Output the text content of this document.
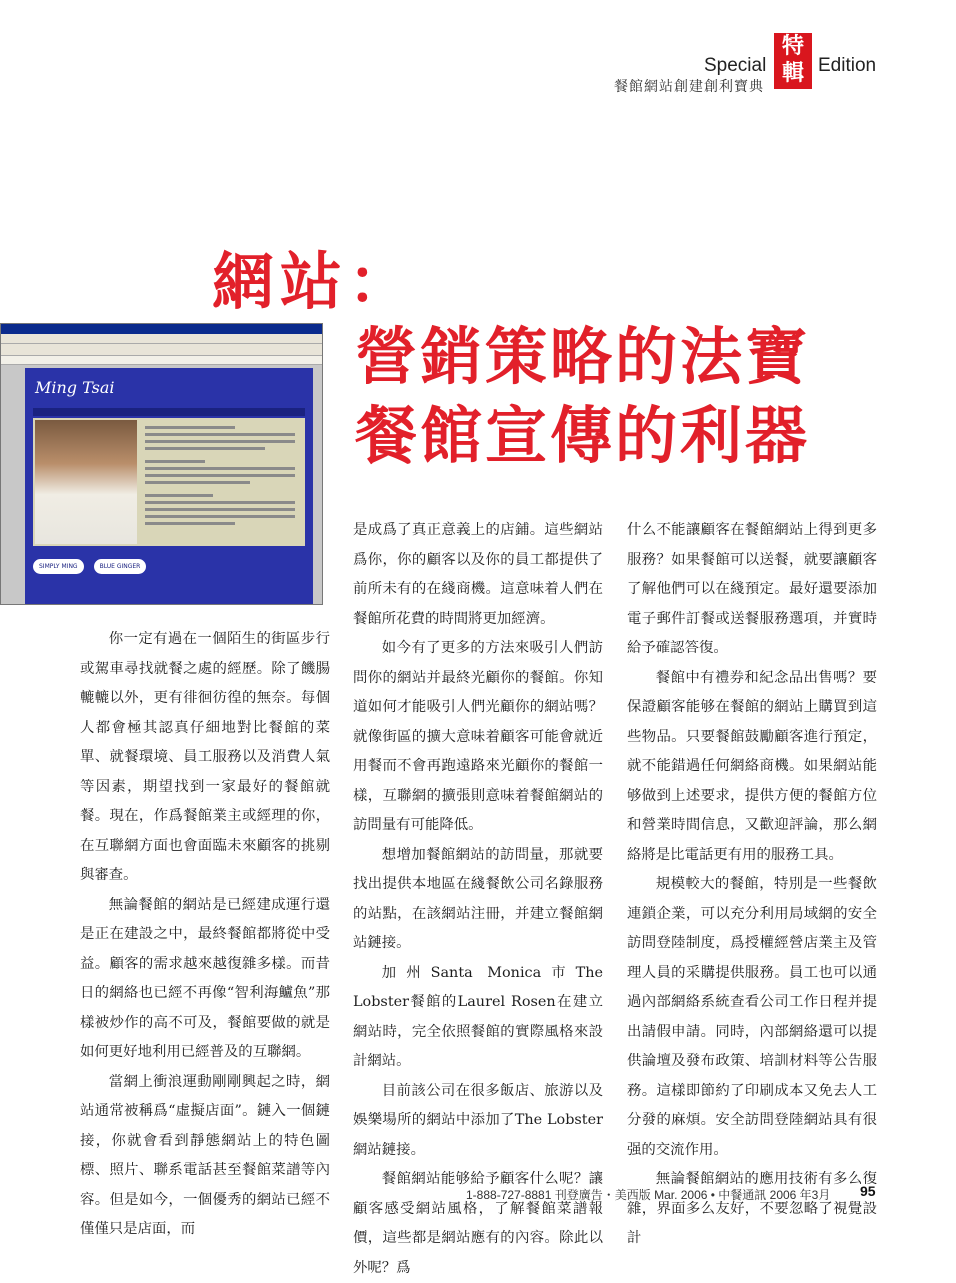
Special
特
輯 Edition
餐館網站創建創利寶典
網站：
營銷策略的法寶
餐館宣傳的利器
Ming Tsai
SIMPLY MING	BLUE GINGER

你一定有過在一個陌生的街區步行或駕車尋找就餐之處的經歷。除了饑腸轆轆以外，更有徘徊彷徨的無奈。每個人都會極其認真仔細地對比餐館的菜單、就餐環境、員工服務以及消費人氣等因素，期望找到一家最好的餐館就餐。現在，作爲餐館業主或經理的你，在互聯網方面也會面臨未來顧客的挑剔與審查。

無論餐館的網站是已經建成運行還是正在建設之中，最終餐館都將從中受益。顧客的需求越來越復雜多樣。而昔日的網絡也已經不再像“智利海鱸魚”那樣被炒作的高不可及，餐館要做的就是如何更好地利用已經普及的互聯網。

當網上衝浪運動剛剛興起之時，網站通常被稱爲“虛擬店面”。鏈入一個鏈接，你就會看到靜態網站上的特色圖標、照片、聯系電話甚至餐館菜譜等內容。但是如今，一個優秀的網站已經不僅僅只是店面，而

是成爲了真正意義上的店鋪。這些網站爲你，你的顧客以及你的員工都提供了前所未有的在綫商機。這意味着人們在餐館所花費的時間將更加經濟。

如今有了更多的方法來吸引人們訪問你的網站并最終光顧你的餐館。你知道如何才能吸引人們光顧你的網站嗎？就像街區的擴大意味着顧客可能會就近用餐而不會再跑遠路來光顧你的餐館一樣，互聯網的擴張則意味着餐館網站的訪問量有可能降低。

想增加餐館網站的訪問量，那就要找出提供本地區在綫餐飲公司名錄服務的站點，在該網站注冊，并建立餐館網站鏈接。

加州Santa Monica市The Lobster餐館的Laurel Rosen在建立網站時，完全依照餐館的實際風格來設計網站。

目前該公司在很多飯店、旅游以及娛樂場所的網站中添加了The Lobster網站鏈接。

餐館網站能够給予顧客什么呢？讓顧客感受網站風格，了解餐館菜譜報價，這些都是網站應有的內容。除此以外呢？爲

什么不能讓顧客在餐館網站上得到更多服務？如果餐館可以送餐，就要讓顧客了解他們可以在綫預定。最好還要添加電子郵件訂餐或送餐服務選項，并實時給予確認答復。

餐館中有禮券和紀念品出售嗎？要保證顧客能够在餐館的網站上購買到這些物品。只要餐館鼓勵顧客進行預定，就不能錯過任何網絡商機。如果網站能够做到上述要求，提供方便的餐館方位和營業時間信息，又歡迎評論，那么網絡將是比電話更有用的服務工具。

規模較大的餐館，特別是一些餐飲連鎖企業，可以充分利用局域網的安全訪問登陸制度，爲授權經營店業主及管理人員的采購提供服務。員工也可以通過內部網絡系統查看公司工作日程并提出請假申請。同時，內部網絡還可以提供論壇及發布政策、培訓材料等公告服務。這樣即節約了印刷成本又免去人工分發的麻煩。安全訪問登陸網站具有很强的交流作用。

無論餐館網站的應用技術有多么復雜，界面多么友好，不要忽略了視覺設計

1-888-727-8881 刊登廣告・美西版 Mar. 2006 • 中餐通訊 2006 年3月 95
